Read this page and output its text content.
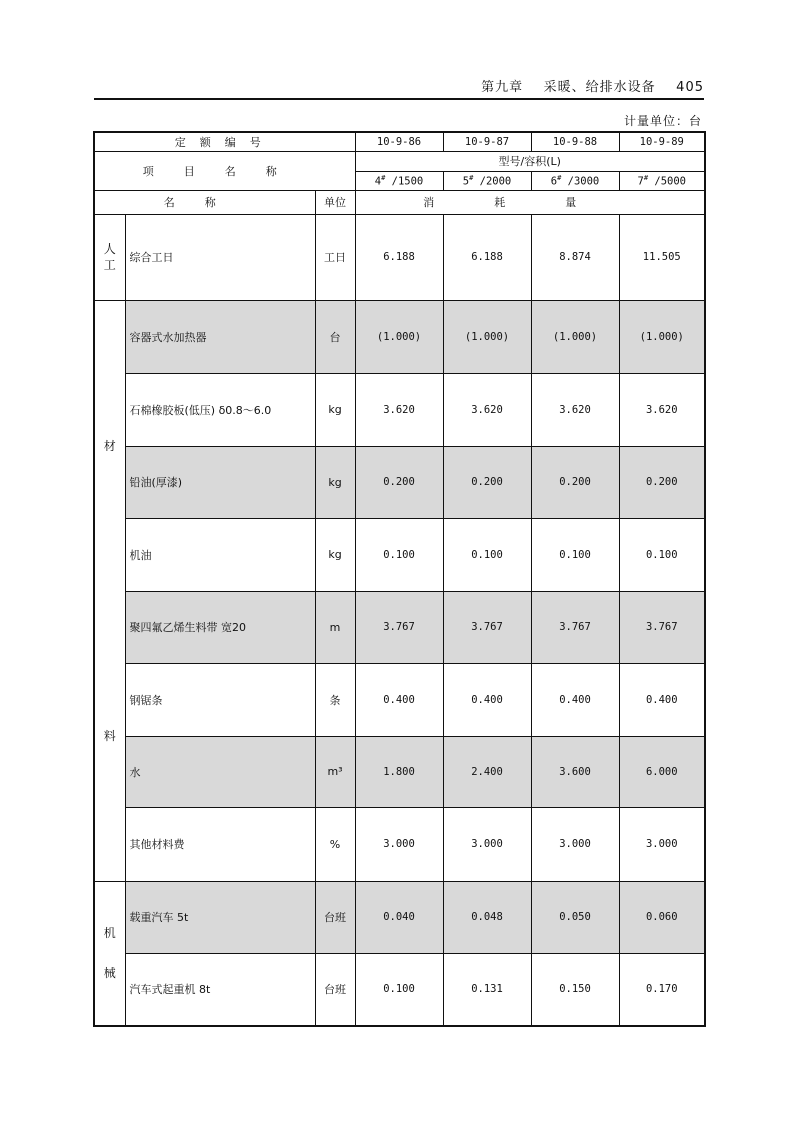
第九章 采暖、给排水设备 405
计量单位：台
定额编号			10-9-86	10-9-87	10-9-88	10-9-89
项目名称			型号/容积(L)			
			4# /1500	5# /2000	6# /3000	7# /5000
名称		单位	消耗量			

人工	综合工日	工日	6.188	6.188	8.874	11.505

材
料	容器式水加热器	台	(1.000)	(1.000)	(1.000)	(1.000)
	石棉橡胶板(低压) δ0.8～6.0	kg	3.620	3.620	3.620	3.620
	铅油(厚漆)	kg	0.200	0.200	0.200	0.200
	机油	kg	0.100	0.100	0.100	0.100
	聚四氟乙烯生料带 宽20	m	3.767	3.767	3.767	3.767
	钢锯条	条	0.400	0.400	0.400	0.400
	水	m³	1.800	2.400	3.600	6.000
	其他材料费	%	3.000	3.000	3.000	3.000

机
械	载重汽车 5t	台班	0.040	0.048	0.050	0.060
	汽车式起重机 8t	台班	0.100	0.131	0.150	0.170
